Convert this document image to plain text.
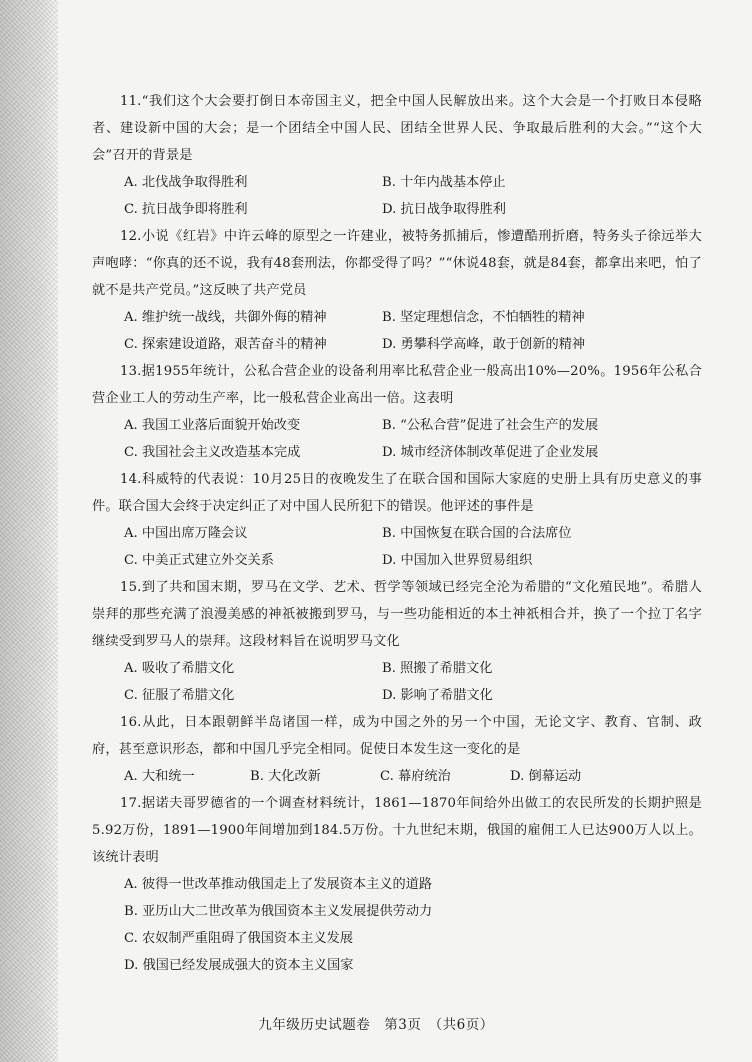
11.“我们这个大会要打倒日本帝国主义，把全中国人民解放出来。这个大会是一个打败日本侵略者、建设新中国的大会；是一个团结全中国人民、团结全世界人民、争取最后胜利的大会。”“这个大会”召开的背景是

A. 北伐战争取得胜利	B. 十年内战基本停止
C. 抗日战争即将胜利	D. 抗日战争取得胜利

12.小说《红岩》中许云峰的原型之一许建业，被特务抓捕后，惨遭酷刑折磨，特务头子徐远举大声咆哮：“你真的还不说，我有48套刑法，你都受得了吗？”“休说48套，就是84套，都拿出来吧，怕了就不是共产党员。”这反映了共产党员

A. 维护统一战线，共御外侮的精神	B. 坚定理想信念，不怕牺牲的精神
C. 探索建设道路，艰苦奋斗的精神	D. 勇攀科学高峰，敢于创新的精神

13.据1955年统计，公私合营企业的设备利用率比私营企业一般高出10%—20%。1956年公私合营企业工人的劳动生产率，比一般私营企业高出一倍。这表明

A. 我国工业落后面貌开始改变	B. “公私合营”促进了社会生产的发展
C. 我国社会主义改造基本完成	D. 城市经济体制改革促进了企业发展

14.科威特的代表说：10月25日的夜晚发生了在联合国和国际大家庭的史册上具有历史意义的事件。联合国大会终于决定纠正了对中国人民所犯下的错误。他评述的事件是

A. 中国出席万隆会议	B. 中国恢复在联合国的合法席位
C. 中美正式建立外交关系	D. 中国加入世界贸易组织

15.到了共和国末期，罗马在文学、艺术、哲学等领域已经完全沦为希腊的“文化殖民地”。希腊人崇拜的那些充满了浪漫美感的神祇被搬到罗马，与一些功能相近的本土神祇相合并，换了一个拉丁名字继续受到罗马人的崇拜。这段材料旨在说明罗马文化

A. 吸收了希腊文化	B. 照搬了希腊文化
C. 征服了希腊文化	D. 影响了希腊文化

16.从此，日本跟朝鲜半岛诸国一样，成为中国之外的另一个中国，无论文字、教育、官制、政府，甚至意识形态，都和中国几乎完全相同。促使日本发生这一变化的是

A. 大和统一	B. 大化改新	C. 幕府统治	D. 倒幕运动

17.据诺夫哥罗德省的一个调查材料统计，1861—1870年间给外出做工的农民所发的长期护照是5.92万份，1891—1900年间增加到184.5万份。十九世纪末期，俄国的雇佣工人已达900万人以上。该统计表明

A. 彼得一世改革推动俄国走上了发展资本主义的道路
B. 亚历山大二世改革为俄国资本主义发展提供劳动力
C. 农奴制严重阻碍了俄国资本主义发展
D. 俄国已经发展成强大的资本主义国家
九年级历史试题卷　第3页　（共6页）
